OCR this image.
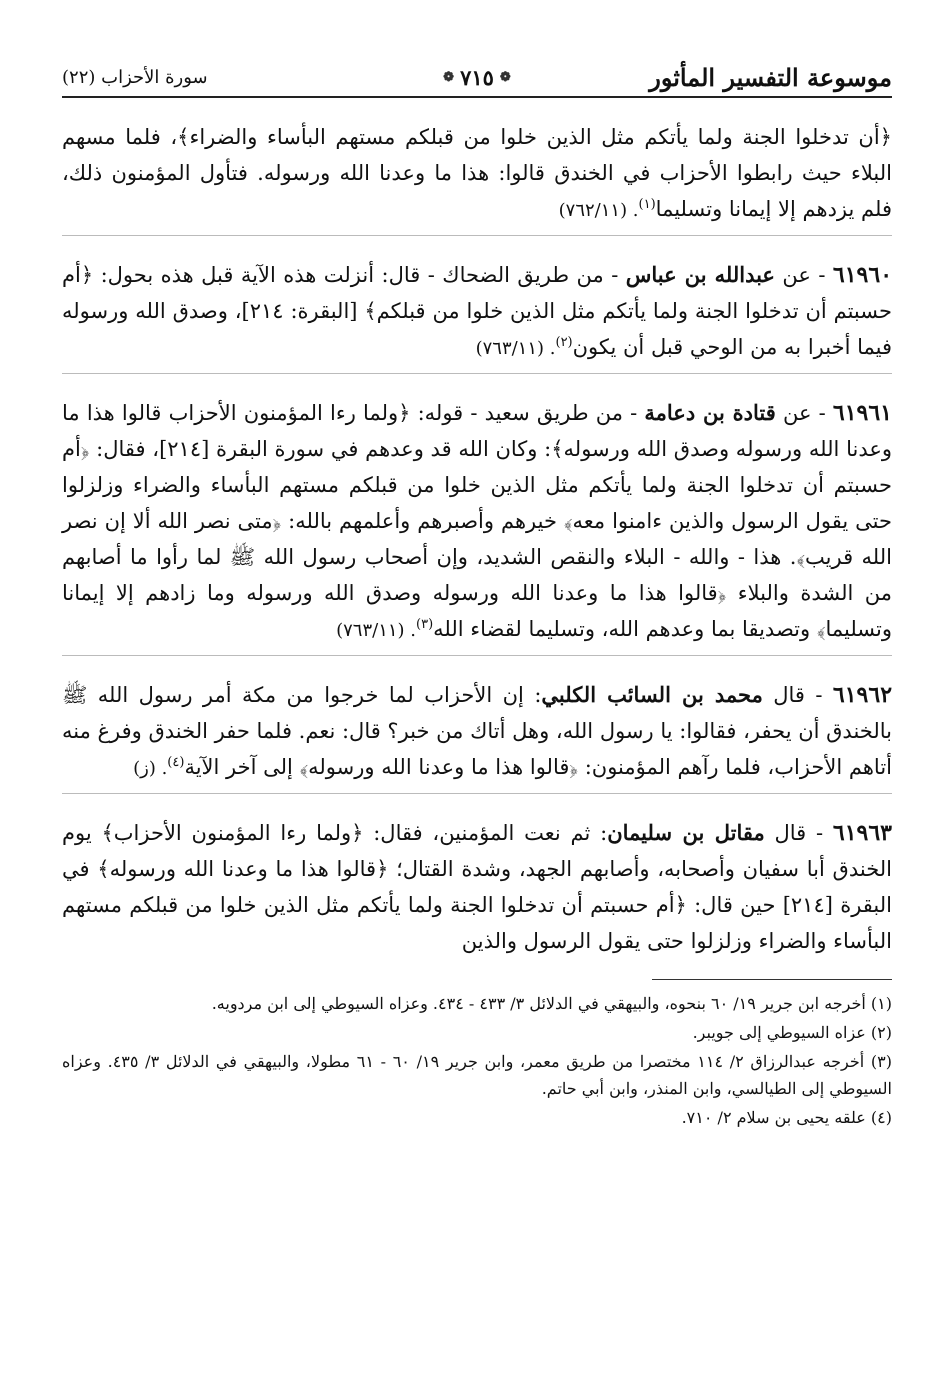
موسوعة التفسير المأثور
❁ ٧١٥ ❁
سورة الأحزاب (٢٢)

﴿أن تدخلوا الجنة ولما يأتكم مثل الذين خلوا من قبلكم مستهم البأساء والضراء﴾، فلما مسهم البلاء حيث رابطوا الأحزاب في الخندق قالوا: هذا ما وعدنا الله ورسوله. فتأول المؤمنون ذلك، فلم يزدهم إلا إيمانا وتسليما$^{(١)}$. (٧٦٢/١١)

٦١٩٦٠ - عن عبدالله بن عباس - من طريق الضحاك - قال: أنزلت هذه الآية قبل هذه بحول: ﴿أم حسبتم أن تدخلوا الجنة ولما يأتكم مثل الذين خلوا من قبلكم﴾ [البقرة: ٢١٤]، وصدق الله ورسوله فيما أخبرا به من الوحي قبل أن يكون$^{(٢)}$. (٧٦٣/١١)

٦١٩٦١ - عن قتادة بن دعامة - من طريق سعيد - قوله: ﴿ولما رءا المؤمنون الأحزاب قالوا هذا ما وعدنا الله ورسوله وصدق الله ورسوله﴾: وكان الله قد وعدهم في سورة البقرة [٢١٤]، فقال: ﴿أم حسبتم أن تدخلوا الجنة ولما يأتكم مثل الذين خلوا من قبلكم مستهم البأساء والضراء وزلزلوا حتى يقول الرسول والذين ءامنوا معه﴾ خيرهم وأصبرهم وأعلمهم بالله: ﴿متى نصر الله ألا إن نصر الله قريب﴾. هذا - والله - البلاء والنقص الشديد، وإن أصحاب رسول الله ﷺ لما رأوا ما أصابهم من الشدة والبلاء ﴿قالوا هذا ما وعدنا الله ورسوله وصدق الله ورسوله وما زادهم إلا إيمانا وتسليما﴾ وتصديقا بما وعدهم الله، وتسليما لقضاء الله$^{(٣)}$. (٧٦٣/١١)

٦١٩٦٢ - قال محمد بن السائب الكلبي: إن الأحزاب لما خرجوا من مكة أمر رسول الله ﷺ بالخندق أن يحفر، فقالوا: يا رسول الله، وهل أتاك من خبر؟ قال: نعم. فلما حفر الخندق وفرغ منه أتاهم الأحزاب، فلما رآهم المؤمنون: ﴿قالوا هذا ما وعدنا الله ورسوله﴾ إلى آخر الآية$^{(٤)}$. (ز)

٦١٩٦٣ - قال مقاتل بن سليمان: ثم نعت المؤمنين، فقال: ﴿ولما رءا المؤمنون الأحزاب﴾ يوم الخندق أبا سفيان وأصحابه، وأصابهم الجهد، وشدة القتال؛ ﴿قالوا هذا ما وعدنا الله ورسوله﴾ في البقرة [٢١٤] حين قال: ﴿أم حسبتم أن تدخلوا الجنة ولما يأتكم مثل الذين خلوا من قبلكم مستهم البأساء والضراء وزلزلوا حتى يقول الرسول والذين

(١) أخرجه ابن جرير ١٩/ ٦٠ بنحوه، والبيهقي في الدلائل ٣/ ٤٣٣ - ٤٣٤. وعزاه السيوطي إلى ابن مردويه.
(٢) عزاه السيوطي إلى جويبر.
(٣) أخرجه عبدالرزاق ٢/ ١١٤ مختصرا من طريق معمر، وابن جرير ١٩/ ٦٠ - ٦١ مطولا، والبيهقي في الدلائل ٣/ ٤٣٥. وعزاه السيوطي إلى الطيالسي، وابن المنذر، وابن أبي حاتم.
(٤) علقه يحيى بن سلام ٢/ ٧١٠.
